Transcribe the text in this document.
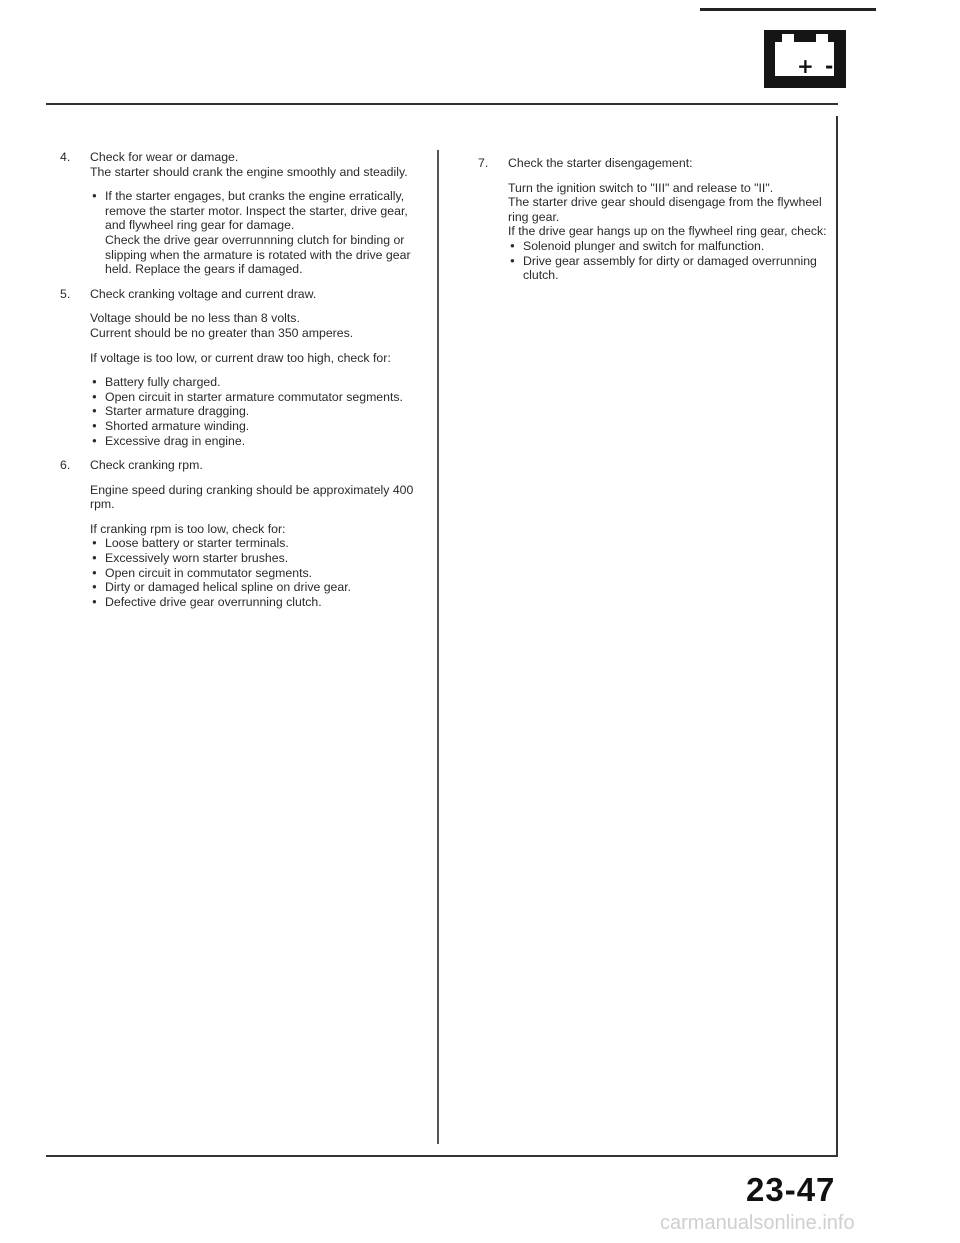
+ -
4. Check for wear or damage.

The starter should crank the engine smoothly and steadily.

● If the starter engages, but cranks the engine erratically, remove the starter motor. Inspect the starter, drive gear, and flywheel ring gear for damage.

Check the drive gear overrunnning clutch for binding or slipping when the armature is rotated with the drive gear held. Replace the gears if damaged.

5. Check cranking voltage and current draw.

Voltage should be no less than 8 volts.

Current should be no greater than 350 amperes.

If voltage is too low, or current draw too high, check for:

● Battery fully charged.
● Open circuit in starter armature commutator segments.
● Starter armature dragging.
● Shorted armature winding.
● Excessive drag in engine.
6. Check cranking rpm.

Engine speed during cranking should be approximately 400 rpm.

If cranking rpm is too low, check for:

● Loose battery or starter terminals.
● Excessively worn starter brushes.
● Open circuit in commutator segments.
● Dirty or damaged helical spline on drive gear.
● Defective drive gear overrunning clutch.
7. Check the starter disengagement:

Turn the ignition switch to "III" and release to "II".

The starter drive gear should disengage from the flywheel ring gear.

If the drive gear hangs up on the flywheel ring gear, check:

● Solenoid plunger and switch for malfunction.
● Drive gear assembly for dirty or damaged overrunning clutch.
23-47
carmanualsonline.info
